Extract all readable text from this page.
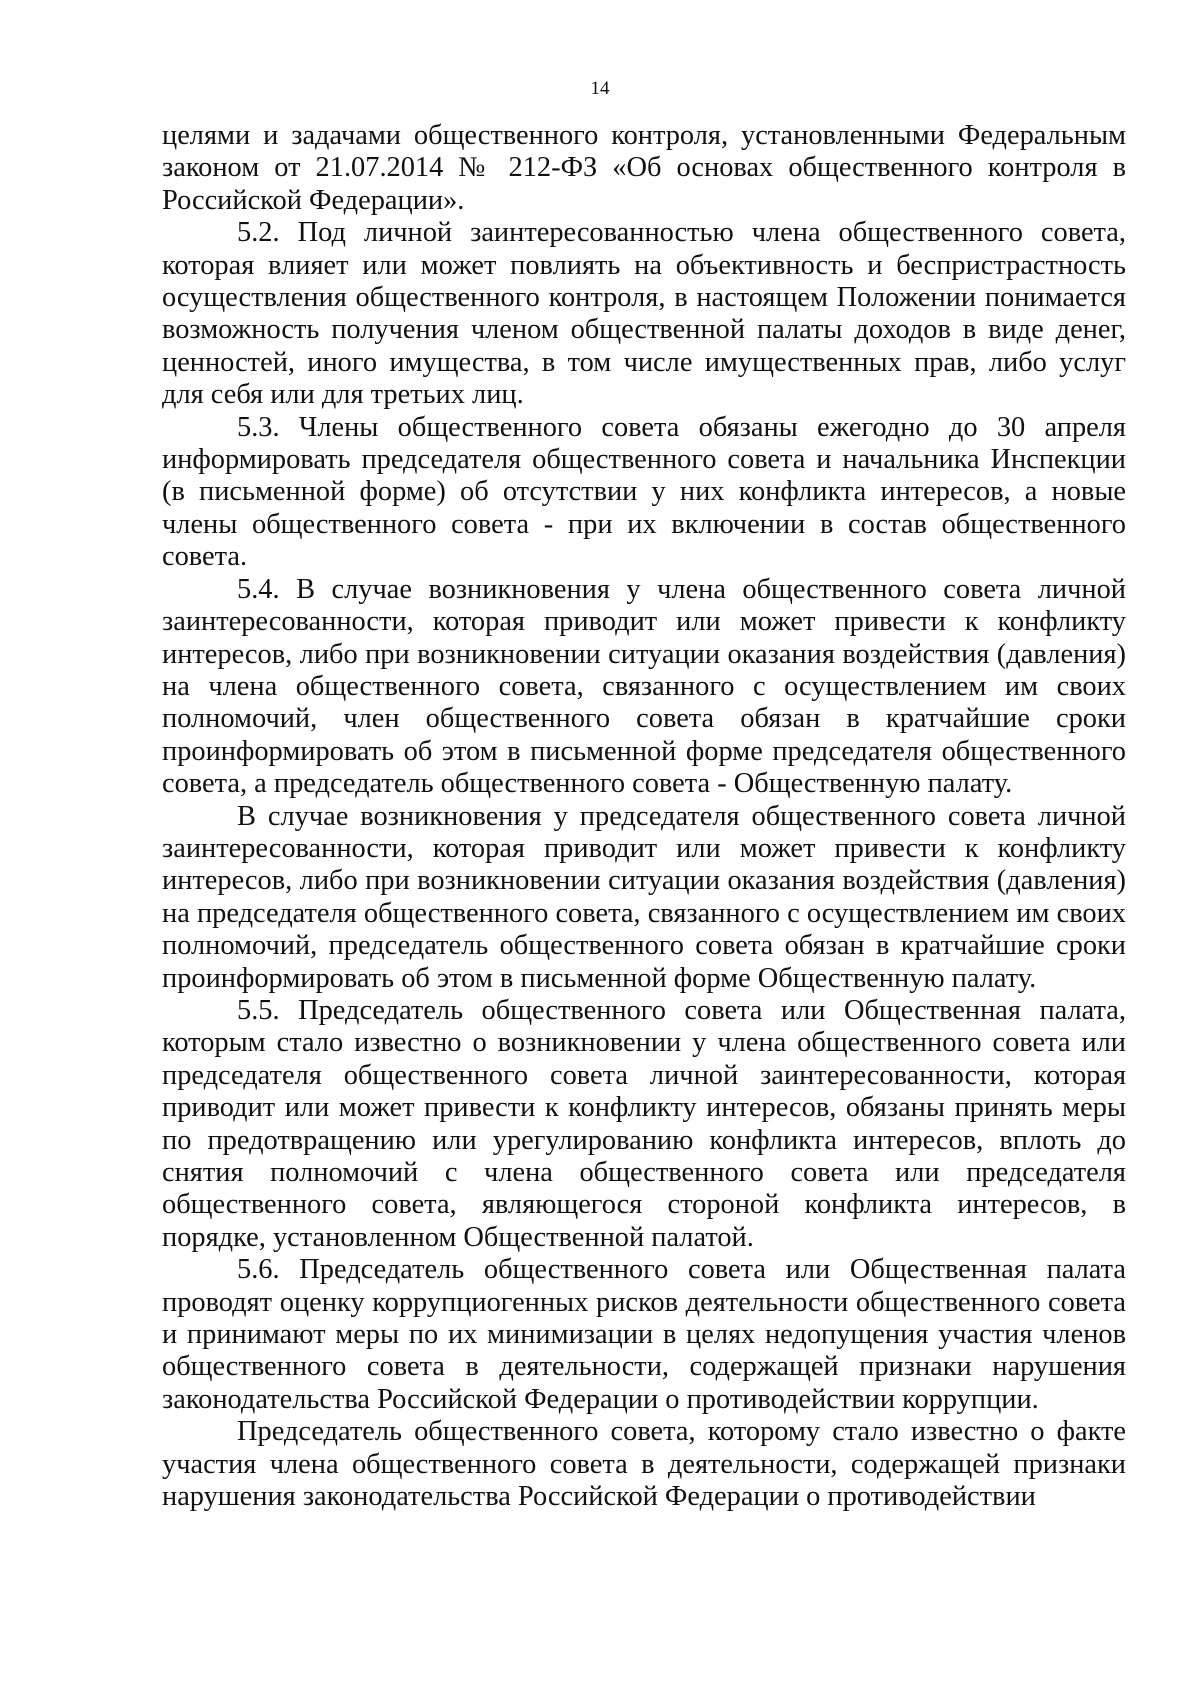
14

целями и задачами общественного контроля, установленными Федеральным законом от 21.07.2014 № 212-ФЗ «Об основах общественного контроля в Российской Федерации».

5.2. Под личной заинтересованностью члена общественного совета, которая влияет или может повлиять на объективность и беспристрастность осуществления общественного контроля, в настоящем Положении понимается возможность получения членом общественной палаты доходов в виде денег, ценностей, иного имущества, в том числе имущественных прав, либо услуг для себя или для третьих лиц.

5.3. Члены общественного совета обязаны ежегодно до 30 апреля информировать председателя общественного совета и начальника Инспекции (в письменной форме) об отсутствии у них конфликта интересов, а новые члены общественного совета - при их включении в состав общественного совета.

5.4. В случае возникновения у члена общественного совета личной заинтересованности, которая приводит или может привести к конфликту интересов, либо при возникновении ситуации оказания воздействия (давления) на члена общественного совета, связанного с осуществлением им своих полномочий, член общественного совета обязан в кратчайшие сроки проинформировать об этом в письменной форме председателя общественного совета, а председатель общественного совета - Общественную палату.

В случае возникновения у председателя общественного совета личной заинтересованности, которая приводит или может привести к конфликту интересов, либо при возникновении ситуации оказания воздействия (давления) на председателя общественного совета, связанного с осуществлением им своих полномочий, председатель общественного совета обязан в кратчайшие сроки проинформировать об этом в письменной форме Общественную палату.

5.5. Председатель общественного совета или Общественная палата, которым стало известно о возникновении у члена общественного совета или председателя общественного совета личной заинтересованности, которая приводит или может привести к конфликту интересов, обязаны принять меры по предотвращению или урегулированию конфликта интересов, вплоть до снятия полномочий с члена общественного совета или председателя общественного совета, являющегося стороной конфликта интересов, в порядке, установленном Общественной палатой.

5.6. Председатель общественного совета или Общественная палата проводят оценку коррупциогенных рисков деятельности общественного совета и принимают меры по их минимизации в целях недопущения участия членов общественного совета в деятельности, содержащей признаки нарушения законодательства Российской Федерации о противодействии коррупции.

Председатель общественного совета, которому стало известно о факте участия члена общественного совета в деятельности, содержащей признаки нарушения законодательства Российской Федерации о противодействии
